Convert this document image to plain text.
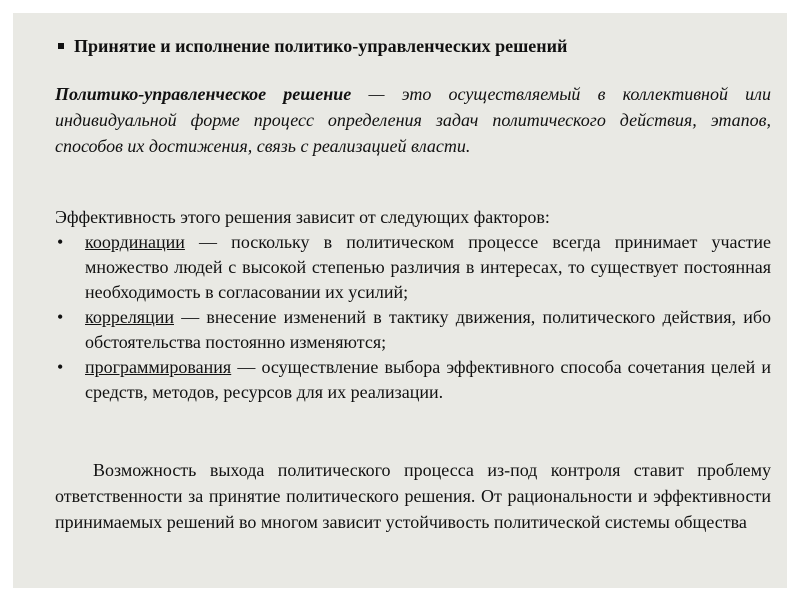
Принятие и исполнение политико-управленческих решений
Политико-управленческое решение — это осуществляемый в коллективной или индивидуальной форме процесс определения задач политического действия, этапов, способов их достижения, связь с реализацией власти.
Эффективность этого решения зависит от следующих факторов:
• координации — поскольку в политическом процессе всегда принимает участие множество людей с высокой степенью различия в интересах, то существует постоянная необходимость в согласовании их усилий;
• корреляции — внесение изменений в тактику движения, политического действия, ибо обстоятельства постоянно изменяются;
• программирования — осуществление выбора эффективного способа сочетания целей и средств, методов, ресурсов для их реализации.
Возможность выхода политического процесса из-под контроля ставит проблему ответственности за принятие политического решения. От рациональности и эффективности принимаемых решений во многом зависит устойчивость политической системы общества
